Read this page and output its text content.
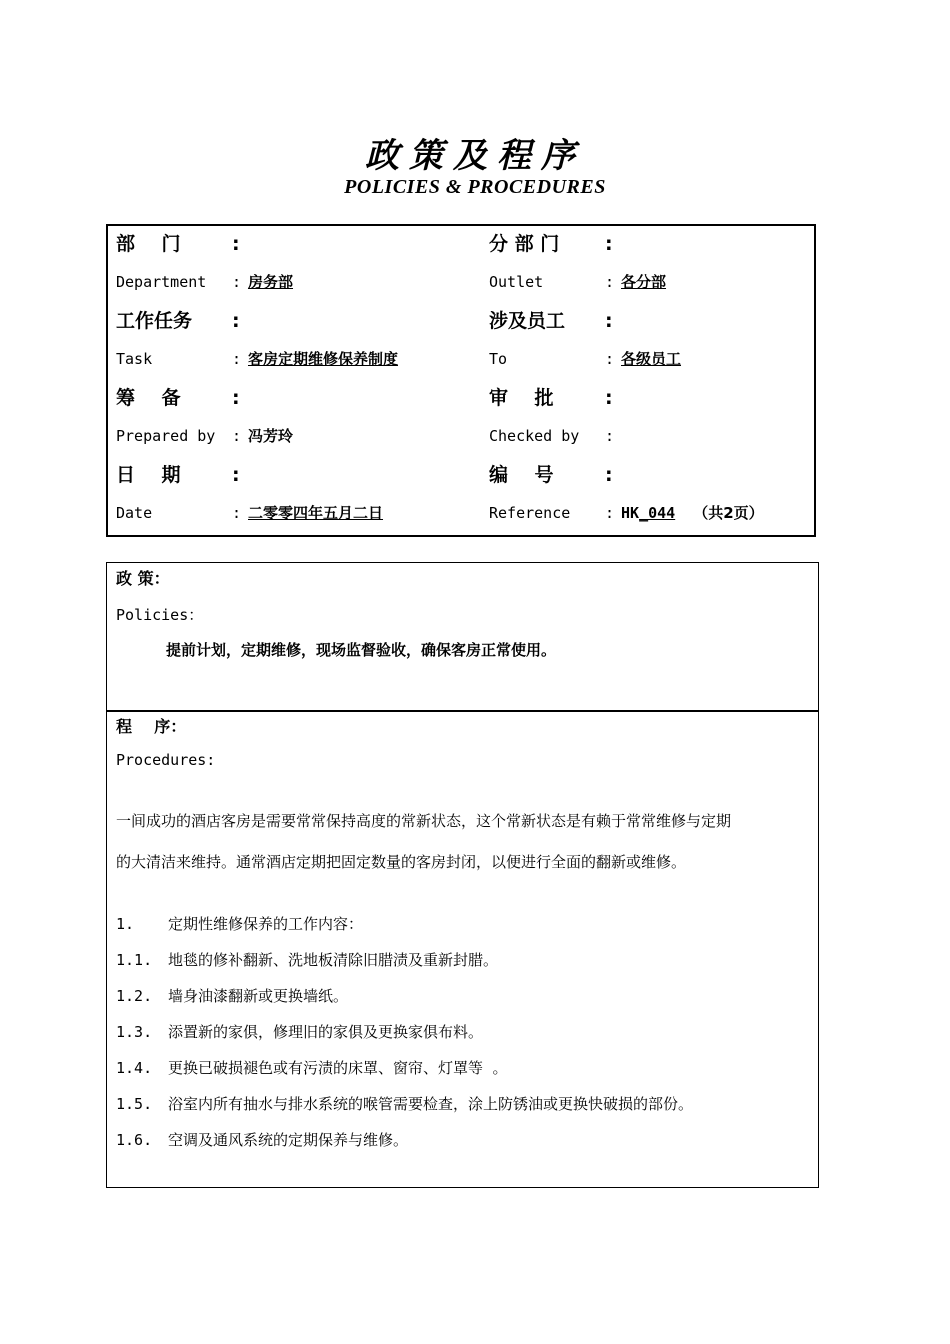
政策及程序
POLICIES & PROCEDURES
部    门	:	分 部 门 :
Department : 房务部	Outlet	: 各分部
工作任务 :	涉及员工 :
Task	: 客房定期维修保养制度	To	: 各级员工
筹    备	:	审    批	:
Prepared by : 冯芳玲	Checked by :
日    期	:	编    号	:
Date	: 二零零四年五月二日	Reference : HK_044 （共2页）
政 策：
Policies：
提前计划，定期维修，现场监督验收，确保客房正常使用。
程    序：
Procedures:
一间成功的酒店客房是需要常常保持高度的常新状态，这个常新状态是有赖于常常维修与定期
的大清洁来维持。通常酒店定期把固定数量的客房封闭，以便进行全面的翻新或维修。
1. 定期性维修保养的工作内容：
1.1. 地毯的修补翻新、洗地板清除旧腊渍及重新封腊。
1.2. 墙身油漆翻新或更换墙纸。
1.3. 添置新的家俱，修理旧的家俱及更换家俱布料。
1.4. 更换已破损褪色或有污渍的床罩、窗帘、灯罩等  。
1.5. 浴室内所有抽水与排水系统的喉管需要检查，涂上防锈油或更换快破损的部份。
1.6. 空调及通风系统的定期保养与维修。
